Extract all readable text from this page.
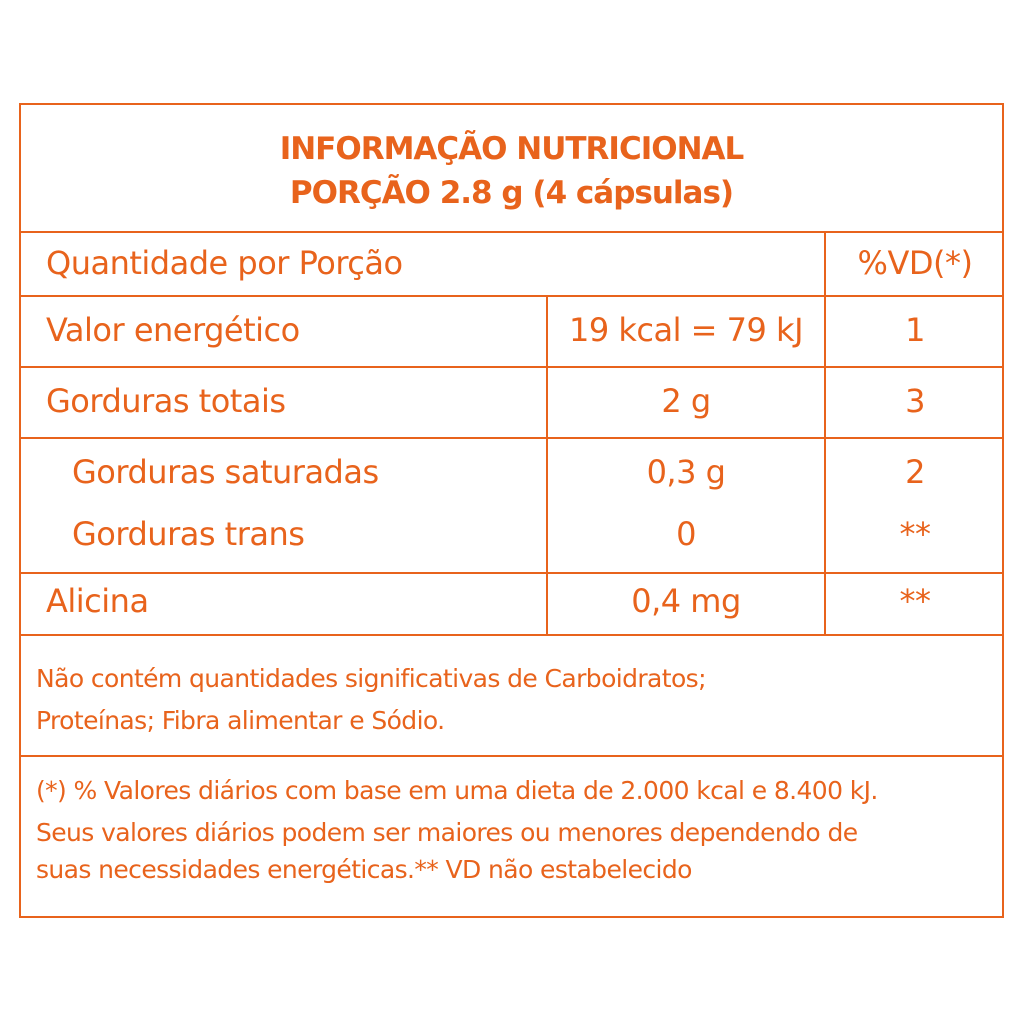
INFORMAÇÃO NUTRICIONAL
PORÇÃO 2.8 g (4 cápsulas)
Quantidade por Porção	%VD(*)
Valor energético	19 kcal = 79 kJ	1
Gorduras totais	2 g	3
Gorduras saturadas	0,3 g	2
Gorduras trans	0	**
Alicina	0,4 mg	**
Não contém quantidades significativas de Carboidratos;
Proteínas; Fibra alimentar e Sódio.
(*) % Valores diários com base em uma dieta de 2.000 kcal e 8.400 kJ.
Seus valores diários podem ser maiores ou menores dependendo de
suas necessidades energéticas.** VD não estabelecido
